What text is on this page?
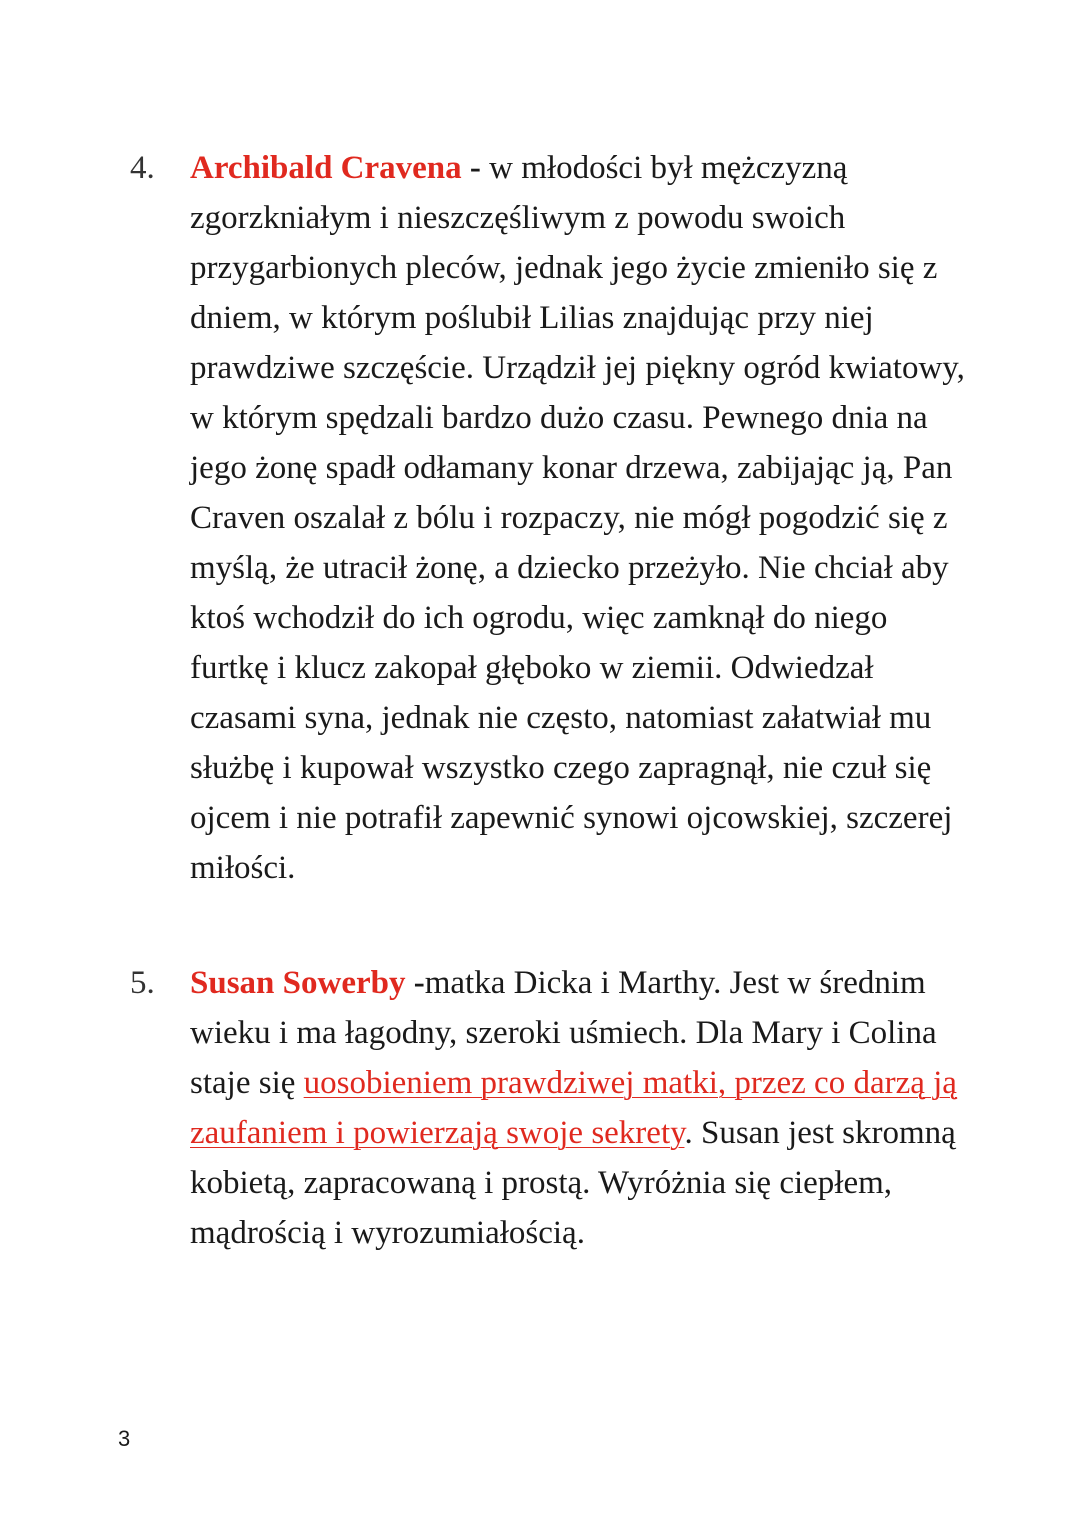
4. Archibald Cravena - w młodości był mężczyzną zgorzkniałym i nieszczęśliwym z powodu swoich przygarbionych pleców, jednak jego życie zmieniło się z dniem, w którym poślubił Lilias znajdując przy niej prawdziwe szczęście. Urządził jej piękny ogród kwiatowy, w którym spędzali bardzo dużo czasu. Pewnego dnia na jego żonę spadł odłamany konar drzewa, zabijając ją, Pan Craven oszalał z bólu i rozpaczy, nie mógł pogodzić się z myślą, że utracił żonę, a dziecko przeżyło. Nie chciał aby ktoś wchodził do ich ogrodu, więc zamknął do niego furtkę i klucz zakopał głęboko w ziemii. Odwiedzał czasami syna, jednak nie często, natomiast załatwiał mu służbę i kupował wszystko czego zapragnął, nie czuł się ojcem i nie potrafił zapewnić synowi ojcowskiej, szczerej miłości.
5. Susan Sowerby -matka Dicka i Marthy. Jest w średnim wieku i ma łagodny, szeroki uśmiech. Dla Mary i Colina staje się uosobieniem prawdziwej matki, przez co darzą ją zaufaniem i powierzają swoje sekrety. Susan jest skromną kobietą, zapracowaną i prostą. Wyróżnia się ciepłem, mądrością i wyrozumiałością.
3
